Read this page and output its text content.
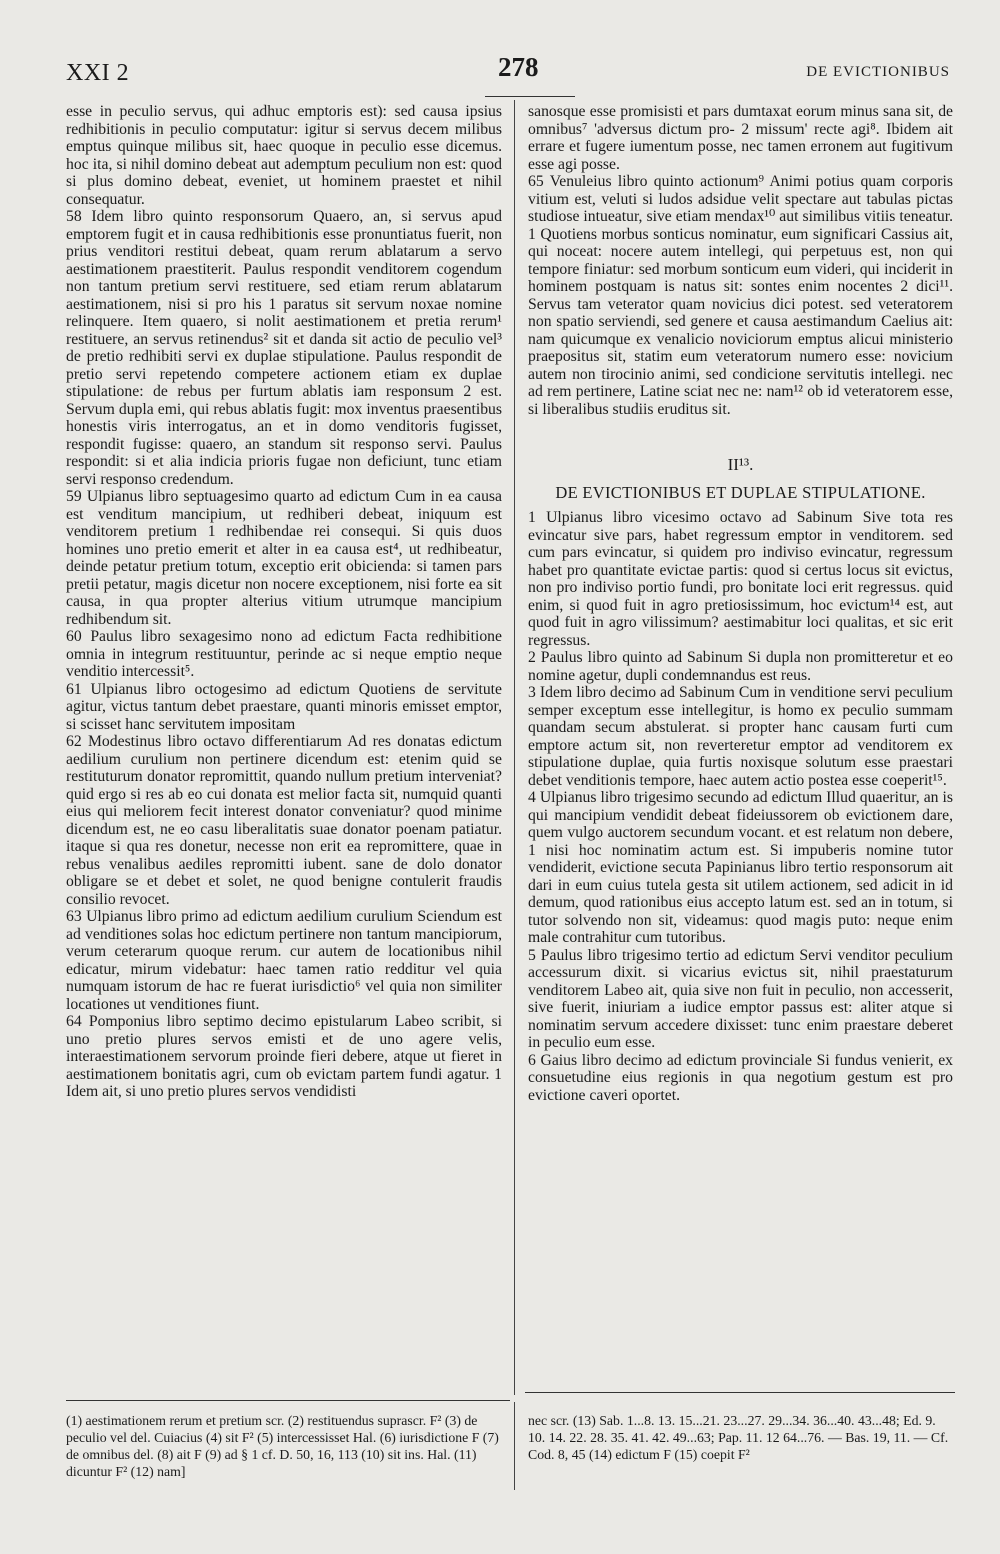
XXI 2	278	DE EVICTIONIBUS

esse in peculio servus, qui adhuc emptoris est): sed causa ipsius redhibitionis in peculio computatur: igitur si servus decem milibus emptus quinque milibus sit, haec quoque in peculio esse dicemus. hoc ita, si nihil domino debeat aut ademptum peculium non est: quod si plus domino debeat, eveniet, ut hominem praestet et nihil consequatur.

58 Idem libro quinto responsorum Quaero, an, si servus apud emptorem fugit et in causa redhibitionis esse pronuntiatus fuerit, non prius venditori restitui debeat, quam rerum ablatarum a servo aestimationem praestiterit. Paulus respondit venditorem cogendum non tantum pretium servi restituere, sed etiam rerum ablatarum aestimationem, nisi si pro his 1 paratus sit servum noxae nomine relinquere. Item quaero, si nolit aestimationem et pretia rerum¹ restituere, an servus retinendus² sit et danda sit actio de peculio vel³ de pretio redhibiti servi ex duplae stipulatione. Paulus respondit de pretio servi repetendo competere actionem etiam ex duplae stipulatione: de rebus per furtum ablatis iam responsum 2 est. Servum dupla emi, qui rebus ablatis fugit: mox inventus praesentibus honestis viris interrogatus, an et in domo venditoris fugisset, respondit fugisse: quaero, an standum sit responso servi. Paulus respondit: si et alia indicia prioris fugae non deficiunt, tunc etiam servi responso credendum.

59 Ulpianus libro septuagesimo quarto ad edictum Cum in ea causa est venditum mancipium, ut redhiberi debeat, iniquum est venditorem pretium 1 redhibendae rei consequi. Si quis duos homines uno pretio emerit et alter in ea causa est⁴, ut redhibeatur, deinde petatur pretium totum, exceptio erit obicienda: si tamen pars pretii petatur, magis dicetur non nocere exceptionem, nisi forte ea sit causa, in qua propter alterius vitium utrumque mancipium redhibendum sit.

60 Paulus libro sexagesimo nono ad edictum Facta redhibitione omnia in integrum restituuntur, perinde ac si neque emptio neque venditio intercessit⁵.

61 Ulpianus libro octogesimo ad edictum Quotiens de servitute agitur, victus tantum debet praestare, quanti minoris emisset emptor, si scisset hanc servitutem impositam

62 Modestinus libro octavo differentiarum Ad res donatas edictum aedilium curulium non pertinere dicendum est: etenim quid se restituturum donator repromittit, quando nullum pretium interveniat? quid ergo si res ab eo cui donata est melior facta sit, numquid quanti eius qui meliorem fecit interest donator conveniatur? quod minime dicendum est, ne eo casu liberalitatis suae donator poenam patiatur. itaque si qua res donetur, necesse non erit ea repromittere, quae in rebus venalibus aediles repromitti iubent. sane de dolo donator obligare se et debet et solet, ne quod benigne contulerit fraudis consilio revocet.

63 Ulpianus libro primo ad edictum aedilium curulium Sciendum est ad venditiones solas hoc edictum pertinere non tantum mancipiorum, verum ceterarum quoque rerum. cur autem de locationibus nihil edicatur, mirum videbatur: haec tamen ratio redditur vel quia numquam istorum de hac re fuerat iurisdictio⁶ vel quia non similiter locationes ut venditiones fiunt.

64 Pomponius libro septimo decimo epistularum Labeo scribit, si uno pretio plures servos emisti et de uno agere velis, interaestimationem servorum proinde fieri debere, atque ut fieret in aestimationem bonitatis agri, cum ob evictam partem fundi agatur. 1 Idem ait, si uno pretio plures servos vendidisti

sanosque esse promisisti et pars dumtaxat eorum minus sana sit, de omnibus⁷ 'adversus dictum pro- 2 missum' recte agi⁸. Ibidem ait errare et fugere iumentum posse, nec tamen erronem aut fugitivum esse agi posse.

65 Venuleius libro quinto actionum⁹ Animi potius quam corporis vitium est, veluti si ludos adsidue velit spectare aut tabulas pictas studiose intueatur, sive etiam mendax¹⁰ aut similibus vitiis teneatur. 1 Quotiens morbus sonticus nominatur, eum significari Cassius ait, qui noceat: nocere autem intellegi, qui perpetuus est, non qui tempore finiatur: sed morbum sonticum eum videri, qui inciderit in hominem postquam is natus sit: sontes enim nocentes 2 dici¹¹. Servus tam veterator quam novicius dici potest. sed veteratorem non spatio serviendi, sed genere et causa aestimandum Caelius ait: nam quicumque ex venalicio noviciorum emptus alicui ministerio praepositus sit, statim eum veteratorum numero esse: novicium autem non tirocinio animi, sed condicione servitutis intellegi. nec ad rem pertinere, Latine sciat nec ne: nam¹² ob id veteratorem esse, si liberalibus studiis eruditus sit.

II¹³.
DE EVICTIONIBUS ET DUPLAE STIPULATIONE.

1 Ulpianus libro vicesimo octavo ad Sabinum Sive tota res evincatur sive pars, habet regressum emptor in venditorem. sed cum pars evincatur, si quidem pro indiviso evincatur, regressum habet pro quantitate evictae partis: quod si certus locus sit evictus, non pro indiviso portio fundi, pro bonitate loci erit regressus. quid enim, si quod fuit in agro pretiosissimum, hoc evictum¹⁴ est, aut quod fuit in agro vilissimum? aestimabitur loci qualitas, et sic erit regressus.

2 Paulus libro quinto ad Sabinum Si dupla non promitteretur et eo nomine agetur, dupli condemnandus est reus.

3 Idem libro decimo ad Sabinum Cum in venditione servi peculium semper exceptum esse intellegitur, is homo ex peculio summam quandam secum abstulerat. si propter hanc causam furti cum emptore actum sit, non reverteretur emptor ad venditorem ex stipulatione duplae, quia furtis noxisque solutum esse praestari debet venditionis tempore, haec autem actio postea esse coeperit¹⁵.

4 Ulpianus libro trigesimo secundo ad edictum Illud quaeritur, an is qui mancipium vendidit debeat fideiussorem ob evictionem dare, quem vulgo auctorem secundum vocant. et est relatum non debere, 1 nisi hoc nominatim actum est. Si impuberis nomine tutor vendiderit, evictione secuta Papinianus libro tertio responsorum ait dari in eum cuius tutela gesta sit utilem actionem, sed adicit in id demum, quod rationibus eius accepto latum est. sed an in totum, si tutor solvendo non sit, videamus: quod magis puto: neque enim male contrahitur cum tutoribus.

5 Paulus libro trigesimo tertio ad edictum Servi venditor peculium accessurum dixit. si vicarius evictus sit, nihil praestaturum venditorem Labeo ait, quia sive non fuit in peculio, non accesserit, sive fuerit, iniuriam a iudice emptor passus est: aliter atque si nominatim servum accedere dixisset: tunc enim praestare deberet in peculio eum esse.

6 Gaius libro decimo ad edictum provinciale Si fundus venierit, ex consuetudine eius regionis in qua negotium gestum est pro evictione caveri oportet.

(1) aestimationem rerum et pretium scr. (2) restituendus suprascr. F² (3) de peculio vel del. Cuiacius (4) sit F² (5) intercessisset Hal. (6) iurisdictione F (7) de omnibus del. (8) ait F (9) ad § 1 cf. D. 50, 16, 113 (10) sit ins. Hal. (11) dicuntur F² (12) nam]
nec scr. (13) Sab. 1...8. 13. 15...21. 23...27. 29...34. 36...40. 43...48; Ed. 9. 10. 14. 22. 28. 35. 41. 42. 49...63; Pap. 11. 12 64...76. — Bas. 19, 11. — Cf. Cod. 8, 45 (14) edictum F (15) coepit F²
